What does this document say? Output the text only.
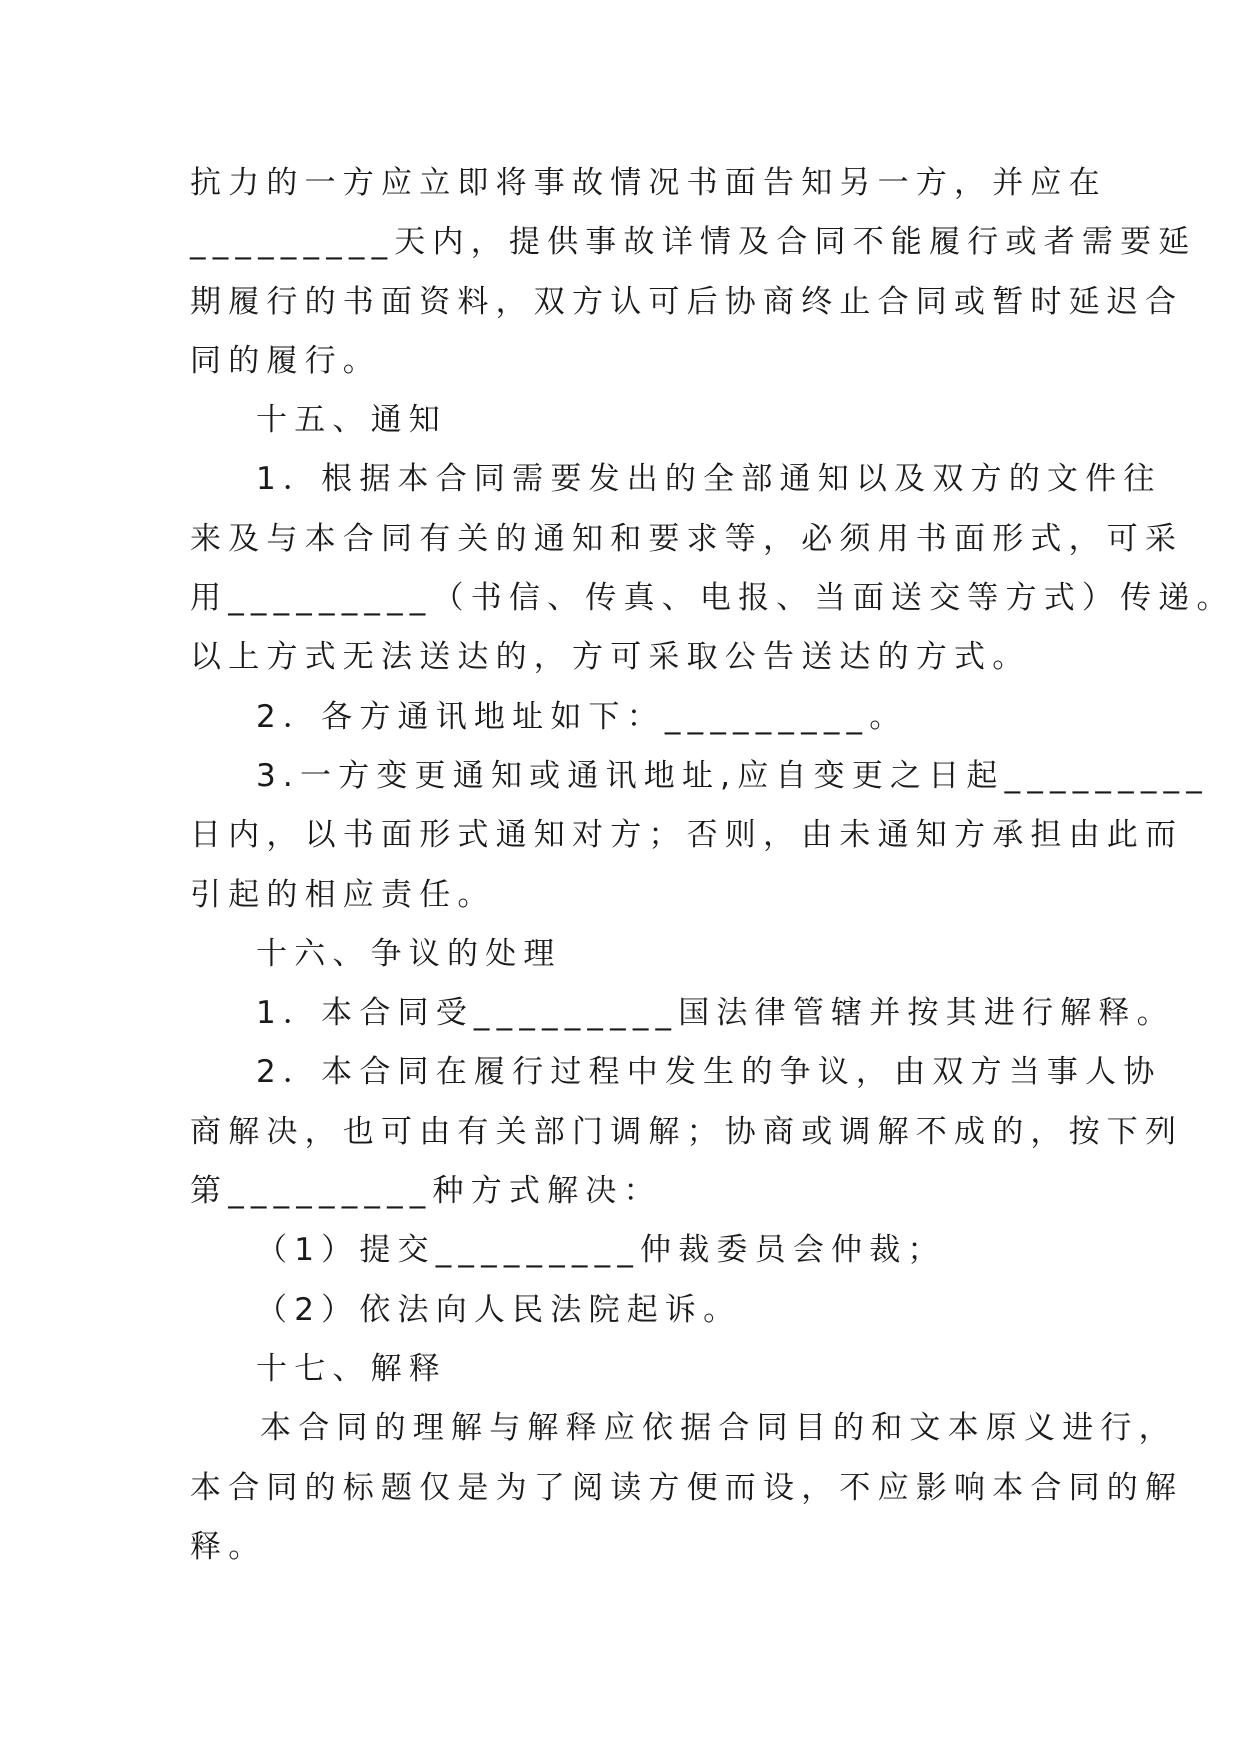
抗力的一方应立即将事故情况书面告知另一方，并应在
_________天内，提供事故详情及合同不能履行或者需要延
期履行的书面资料，双方认可后协商终止合同或暂时延迟合
同的履行。
十五、通知
1．根据本合同需要发出的全部通知以及双方的文件往
来及与本合同有关的通知和要求等，必须用书面形式，可采
用_________（书信、传真、电报、当面送交等方式）传递。
以上方式无法送达的，方可采取公告送达的方式。
2．各方通讯地址如下：_________。
3.一方变更通知或通讯地址,应自变更之日起_________
日内，以书面形式通知对方；否则，由未通知方承担由此而
引起的相应责任。
十六、争议的处理
1．本合同受_________国法律管辖并按其进行解释。
2．本合同在履行过程中发生的争议，由双方当事人协
商解决，也可由有关部门调解；协商或调解不成的，按下列
第_________种方式解决：
（1）提交_________仲裁委员会仲裁；
（2）依法向人民法院起诉。
十七、解释
本合同的理解与解释应依据合同目的和文本原义进行，
本合同的标题仅是为了阅读方便而设，不应影响本合同的解
释。
